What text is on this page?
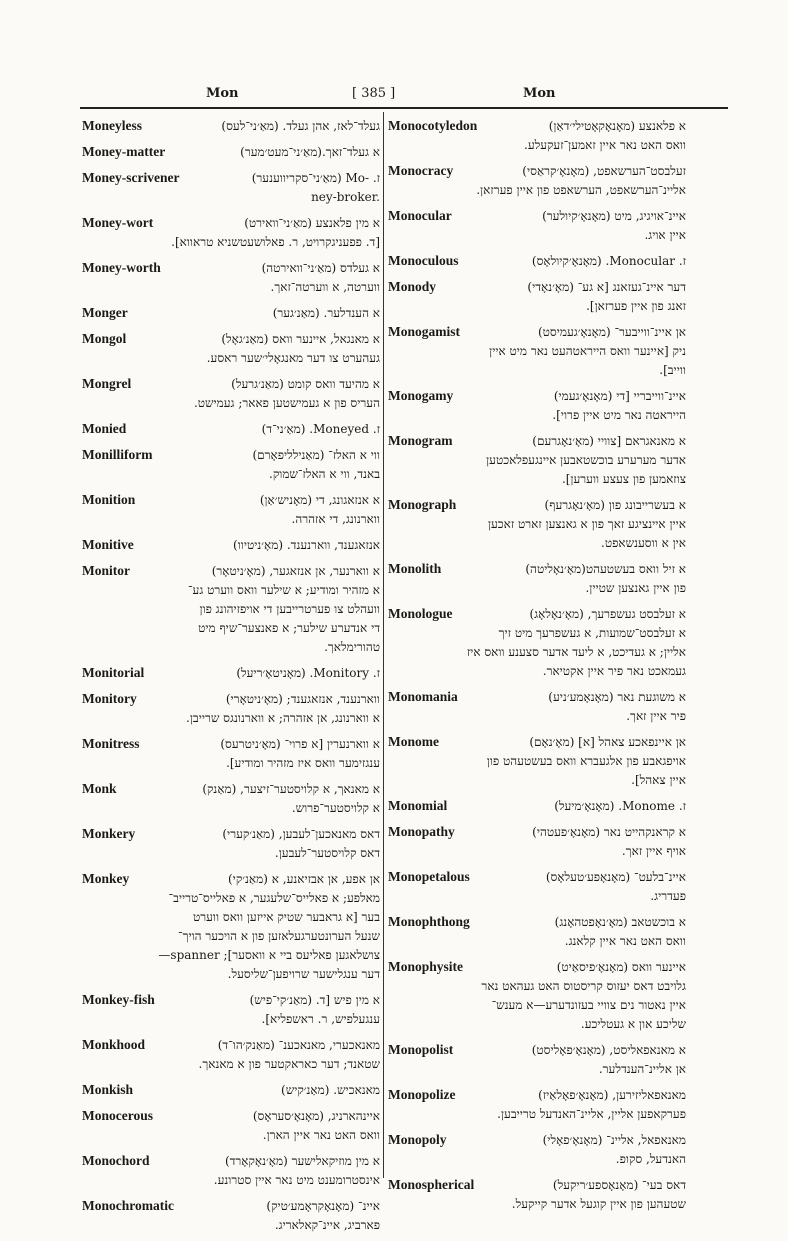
Mon	[ 385 ]	Mon
Moneyless	געלד־לאז, אהן געלד. (מאַ׳ני־לעס)
Money-matter	א געלד־זאך.(מאַ׳ני־מעט׳מער)
Money-scrivener	ז. -Mo (מאַ׳ני־סקריווענער)
ney-broker.
Money-wort	א מין פלאנצע (מאַ׳ני־וואירט)
[ד. פפעניגקרויט, ר. פאלושעטשניא טראווא].
Money-worth	א געלדס (מאַ׳ני־וואירטה)
ווערטה, א ווערטה־זאך.
Monger	א הענדלער. (מאַנ׳גער)
Mongol	א מאנגאל, איינער וואס (מאַנ׳גאָל)
געהערט צו דער מאנגאָלי׳שער ראסע.
Mongrel	א מהיעד וואס קומט (מאַנ׳גרעל)
העריס פון א געמישטען פאאר; געמישט.
Monied	ז. Moneyed. (מאַ׳ני־ד)
Monilliform	ווי א האלז־ (מאַנילליפאָרם)
באנד, ווי א האלז־שמוק.
Monition	א אנזאגונג, די (מאָניש׳אַן)
ווארנונג, די אזהרה.
Monitive	אנזאגענד, ווארנענד. (מאָ׳ניטיוו)
Monitor	א ווארנער, אן אנזאגער, (מאָ׳ניטאָר)
א מזהיר ומודיע; א שילער וואס ווערט גע־
וועהלט צו פערטרייבען די אויפזיהונג פון
די אנדערע שילער; א פאנצער־שיף מיט
טהורימלאך.
Monitorial	ז. Monitory. (מאָניטאָ׳ריעל)
Monitory	ווארנענד, אנזאגענד; (מאָ׳ניטאָרי)
א ווארנונג, אן אזהרה; א ווארנונגס שרייבן.
Monitress	א ווארנערין [א פרוי־ (מאָ׳ניטרעס)
ענגזימער וואס איז מזהיר ומודיע].
Monk	א מאנאך, א קלויסטער־זיצער, (מאַנק)
א קלויסטער־פרוש.
Monkery	דאס מאנאכען־לעבען, (מאַנ׳קערי)
דאס קלויסטער־לעבען.
Monkey	אן אפע, אן אבזיאנע, א (מאַנ׳קי)
מאלפע; א פאלייס־שלעגער, א פאלייס־טרייב־
בער [א גראבער שטיק אייזען וואס ווערט
שנעל הערונטערגעלאזען פון א הויכער הויך־
צושלאגען פאליעס ביי א וואסער]; spanner—
דער ענגלישער שרויפען־שליסעל.
Monkey-fish	א מין פיש [ד. (מאַנ׳קי־פיש)
ענגעלפיש, ר. ראשפליא].
Monkhood	מאנאכערי, מאנאכענ־ (מאַנק׳הו־ד)
שטאנד; דער כאראקטער פון א מאנאך.
Monkish	מאנאכיש. (מאַנ׳קיש)
Monocerous	איינהארניג, (מאָנאָ׳סעראָס)
וואס האט נאר איין הארן.
Monochord	א מין מוזיקאלישער (מאָ׳נאָקאָרד)
אינסטרומענט מיט נאר איין סטרונע.
Monochromatic	איינ־ (מאָנאָקראָמע׳טיק)
פארביג, איינ־קאלאריג.
Monocotyledon	א פלאנצע (מאָנאָקאָטילי׳דאַן)
וואס האט נאר איין זאמען־זעקעלע.
Monocracy	זעלבסט־הערשאפט, (מאָנאָ׳קראַסי)
אליינ־הערשאפט, הערשאפט פון איין פערזאן.
Monocular	איינ־אויגיג, מיט (מאָנאָ׳קיולער)
איין אויג.
Monoculous	ז. Monocular. (מאָנאָ׳קיולאָס)
Monody	דער איינ־געזאנג [א גע־ (מאָ׳נאָדי)
זאנג פון איין פערזאן].
Monogamist	אן איינ־ווייבער־ (מאָנאָ׳געמיסט)
ניק [איינער וואס הייראטהעט נאר מיט איין
ווייב].
Monogamy	איינ־ווייבריי [די (מאָנאָ׳געמי)
הייראטה נאר מיט איין פרוי].
Monogram	א מאנאגראם [צוויי (מאָ׳נאָגרעם)
אדער מערערע בוכשטאבען איינגעפלאכטען
צוזאמען פון צעצע ווערען].
Monograph	א בעשרייבונג פון (מאָ׳נאָגרעף)
איין איינציגע זאך פון א גאנצען זארט זאכען
אין א ווסענשאפט.
Monolith	א זיל וואס בעשטעהט(מאָ׳נאָליטה)
פון איין גאנצען שטיין.
Monologue	א זעלבסט געשפרעך, (מאָ׳נאָלאָג)
א זעלבסט־שמועות, א געשפרעך מיט זיך
אליין; א געדיכט, א ליעד אדער סצענע וואס איז
געמאכט נאר פיר איין אקטיאר.
Monomania	א משוגעת נאר (מאָנאָמע׳ניע)
פיר איין זאך.
Monome	אן איינפאכע צאהל [א] (מאָ׳נאָם)
אויפגאבע פון אלגעברא וואס בעשטעהט פון
איין צאהל].
Monomial	ז. Monome. (מאָנאָ׳מיעל)
Monopathy	א קראנקהייט נאר (מאָנאָ׳פעטהי)
אויף איין זאך.
Monopetalous	איינ־בלעט־ (מאָנאָפע׳טעלאָס)
פעדריג.
Monophthong	א בוכשטאב (מאָ׳נאָפטהאָנג)
וואס האט נאר איין קלאנג.
Monophysite	איינער וואס (מאָנאָ׳פיסאַיט)
גלויבט דאס יעזוס קריסטוס האט געהאט נאר
איין נאטור נים צוויי בעזונדערע—א מענש־
שליכע און א געטליכע.
Monopolist	א מאנאפאליסט, (מאָנאָ׳פאָליסט)
אן אליינ־הענדלער.
Monopolize	מאנאפאליזירען, (מאָנאָ׳פאָלאַיז)
פערקאפען אליין, אליינ־האנדעל טרייבען.
Monopoly	מאנאפאל, אליינ־ (מאָנאָ׳פאָלי)
האנדעל, סקופ.
Monospherical	דאס בעי־ (מאָנאָספע׳ריקעל)
שטעהען פון איין קוגעל אדער קייקעל.
